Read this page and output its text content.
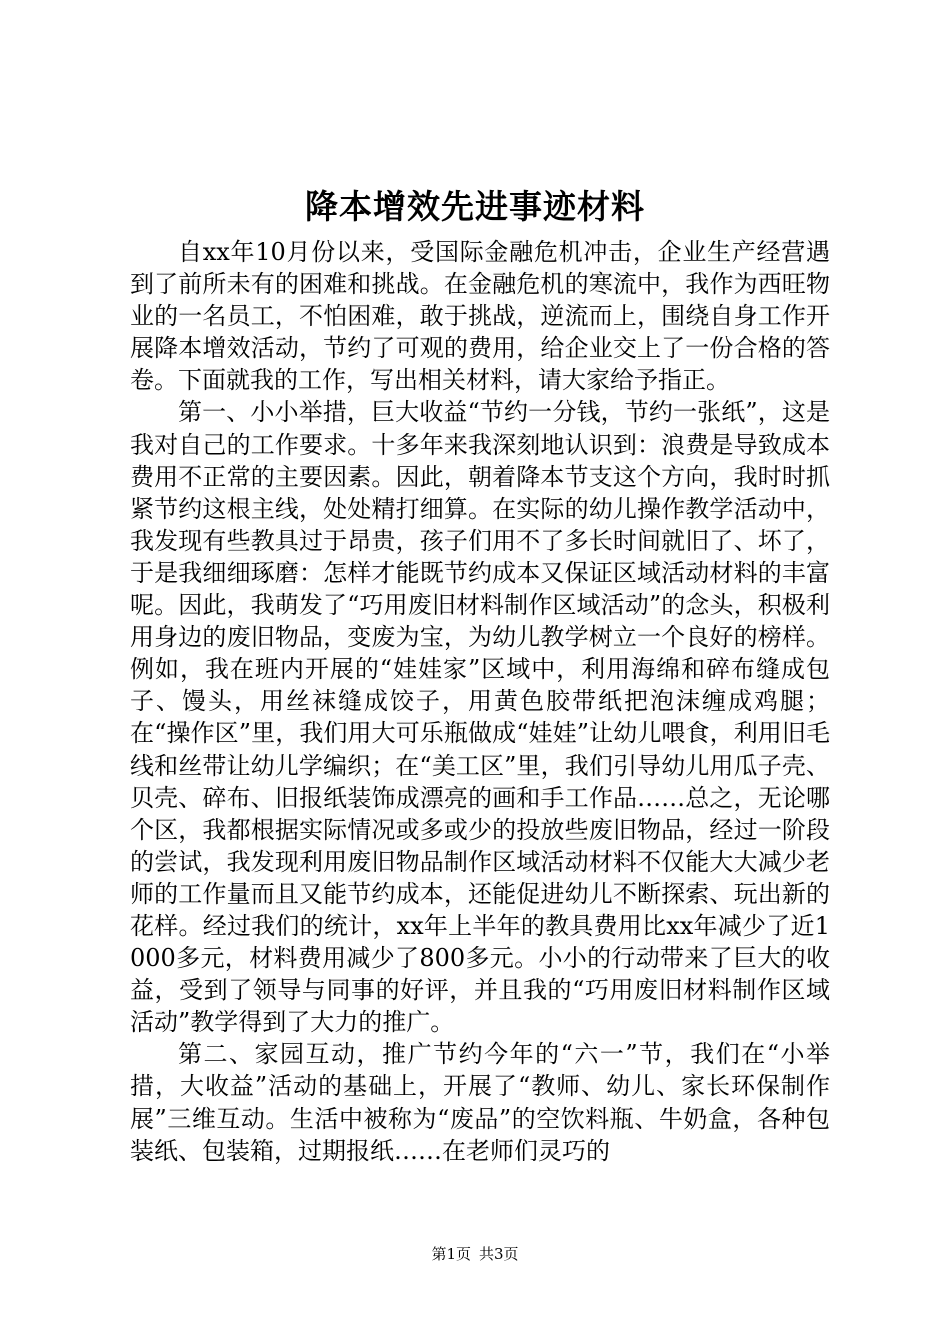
降本增效先进事迹材料

自xx年10月份以来，受国际金融危机冲击，企业生产经营遇到了前所未有的困难和挑战。在金融危机的寒流中，我作为西旺物业的一名员工，不怕困难，敢于挑战，逆流而上，围绕自身工作开展降本增效活动，节约了可观的费用，给企业交上了一份合格的答卷。下面就我的工作，写出相关材料，请大家给予指正。

第一、小小举措，巨大收益“节约一分钱，节约一张纸”，这是我对自己的工作要求。十多年来我深刻地认识到：浪费是导致成本费用不正常的主要因素。因此，朝着降本节支这个方向，我时时抓紧节约这根主线，处处精打细算。在实际的幼儿操作教学活动中，我发现有些教具过于昂贵，孩子们用不了多长时间就旧了、坏了，于是我细细琢磨：怎样才能既节约成本又保证区域活动材料的丰富呢。因此，我萌发了“巧用废旧材料制作区域活动”的念头，积极利用身边的废旧物品，变废为宝，为幼儿教学树立一个良好的榜样。例如，我在班内开展的“娃娃家”区域中，利用海绵和碎布缝成包子、馒头，用丝袜缝成饺子，用黄色胶带纸把泡沫缠成鸡腿；在“操作区”里，我们用大可乐瓶做成“娃娃”让幼儿喂食，利用旧毛线和丝带让幼儿学编织；在“美工区”里，我们引导幼儿用瓜子壳、贝壳、碎布、旧报纸装饰成漂亮的画和手工作品……总之，无论哪个区，我都根据实际情况或多或少的投放些废旧物品，经过一阶段的尝试，我发现利用废旧物品制作区域活动材料不仅能大大减少老师的工作量而且又能节约成本，还能促进幼儿不断探索、玩出新的花样。经过我们的统计，xx年上半年的教具费用比xx年减少了近1000多元，材料费用减少了800多元。小小的行动带来了巨大的收益，受到了领导与同事的好评，并且我的“巧用废旧材料制作区域活动”教学得到了大力的推广。

第二、家园互动，推广节约今年的“六一”节，我们在“小举措，大收益”活动的基础上，开展了“教师、幼儿、家长环保制作展”三维互动。生活中被称为“废品”的空饮料瓶、牛奶盒，各种包装纸、包装箱，过期报纸……在老师们灵巧的

第1页 共3页
